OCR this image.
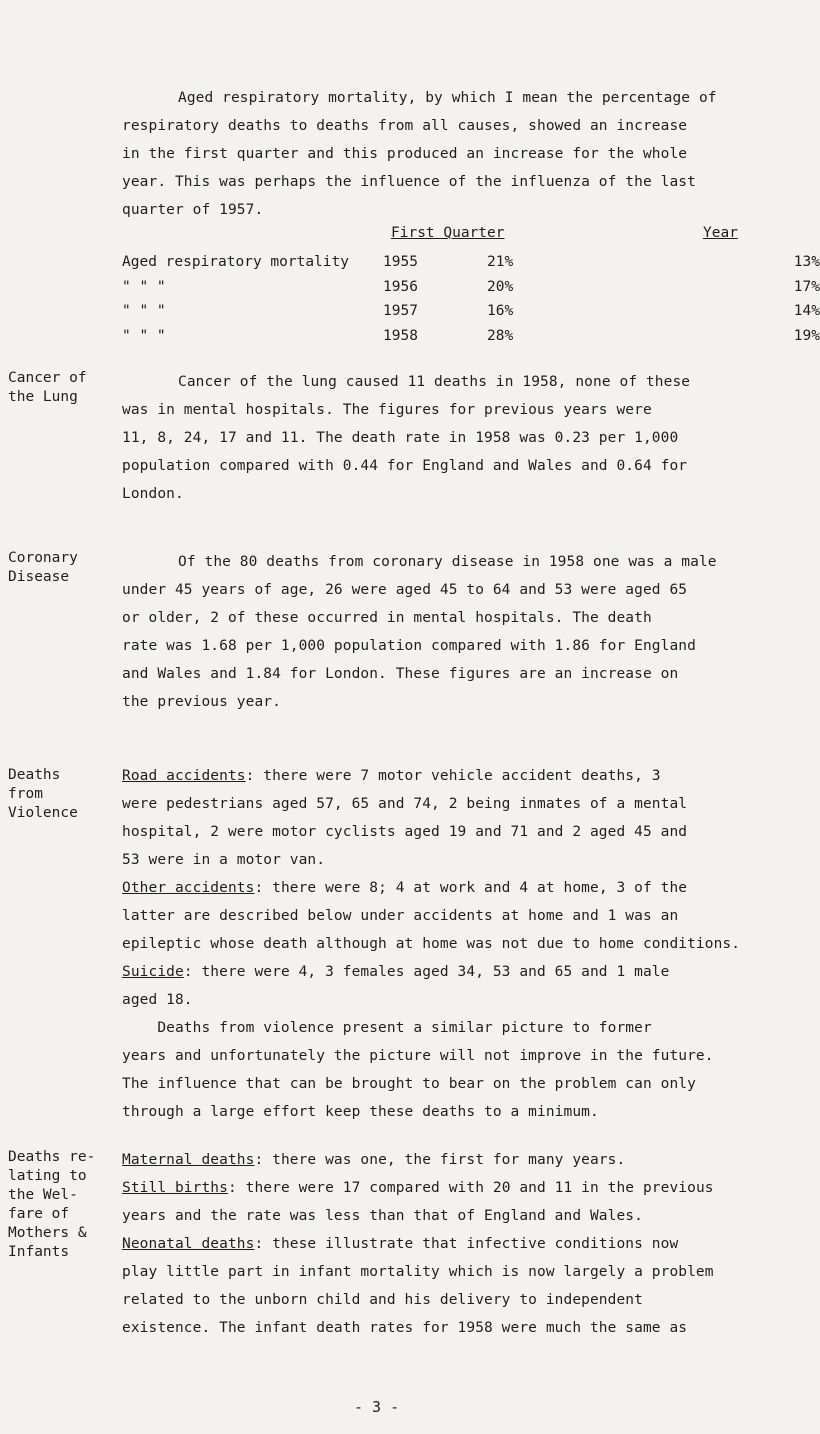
Aged respiratory mortality, by which I mean the percentage of
respiratory deaths to deaths from all causes, showed an increase
in the first quarter and this produced an increase for the whole
year. This was perhaps the influence of the influenza of the last
quarter of 1957.
First Quarter	Year
Aged respiratory mortality 1955	21%	13%
" " "	1956	20%	17%
" " "	1957	16%	14%
" " "	1958	28%	19%
Cancer of
the Lung
Cancer of the lung caused 11 deaths in 1958, none of these
was in mental hospitals. The figures for previous years were
11, 8, 24, 17 and 11. The death rate in 1958 was 0.23 per 1,000
population compared with 0.44 for England and Wales and 0.64 for
London.
Coronary
Disease
Of the 80 deaths from coronary disease in 1958 one was a male
under 45 years of age, 26 were aged 45 to 64 and 53 were aged 65
or older, 2 of these occurred in mental hospitals. The death
rate was 1.68 per 1,000 population compared with 1.86 for England
and Wales and 1.84 for London. These figures are an increase on
the previous year.
Deaths
from
Violence
Road accidents: there were 7 motor vehicle accident deaths, 3
were pedestrians aged 57, 65 and 74, 2 being inmates of a mental
hospital, 2 were motor cyclists aged 19 and 71 and 2 aged 45 and
53 were in a motor van.
Other accidents: there were 8; 4 at work and 4 at home, 3 of the
latter are described below under accidents at home and 1 was an
epileptic whose death although at home was not due to home conditions.
Suicide: there were 4, 3 females aged 34, 53 and 65 and 1 male
aged 18.
Deaths from violence present a similar picture to former
years and unfortunately the picture will not improve in the future.
The influence that can be brought to bear on the problem can only
through a large effort keep these deaths to a minimum.
Deaths re-
lating to
the Wel-
fare of
Mothers &
Infants
Maternal deaths: there was one, the first for many years.
Still births: there were 17 compared with 20 and 11 in the previous
years and the rate was less than that of England and Wales.
Neonatal deaths: these illustrate that infective conditions now
play little part in infant mortality which is now largely a problem
related to the unborn child and his delivery to independent
existence. The infant death rates for 1958 were much the same as
- 3 -
